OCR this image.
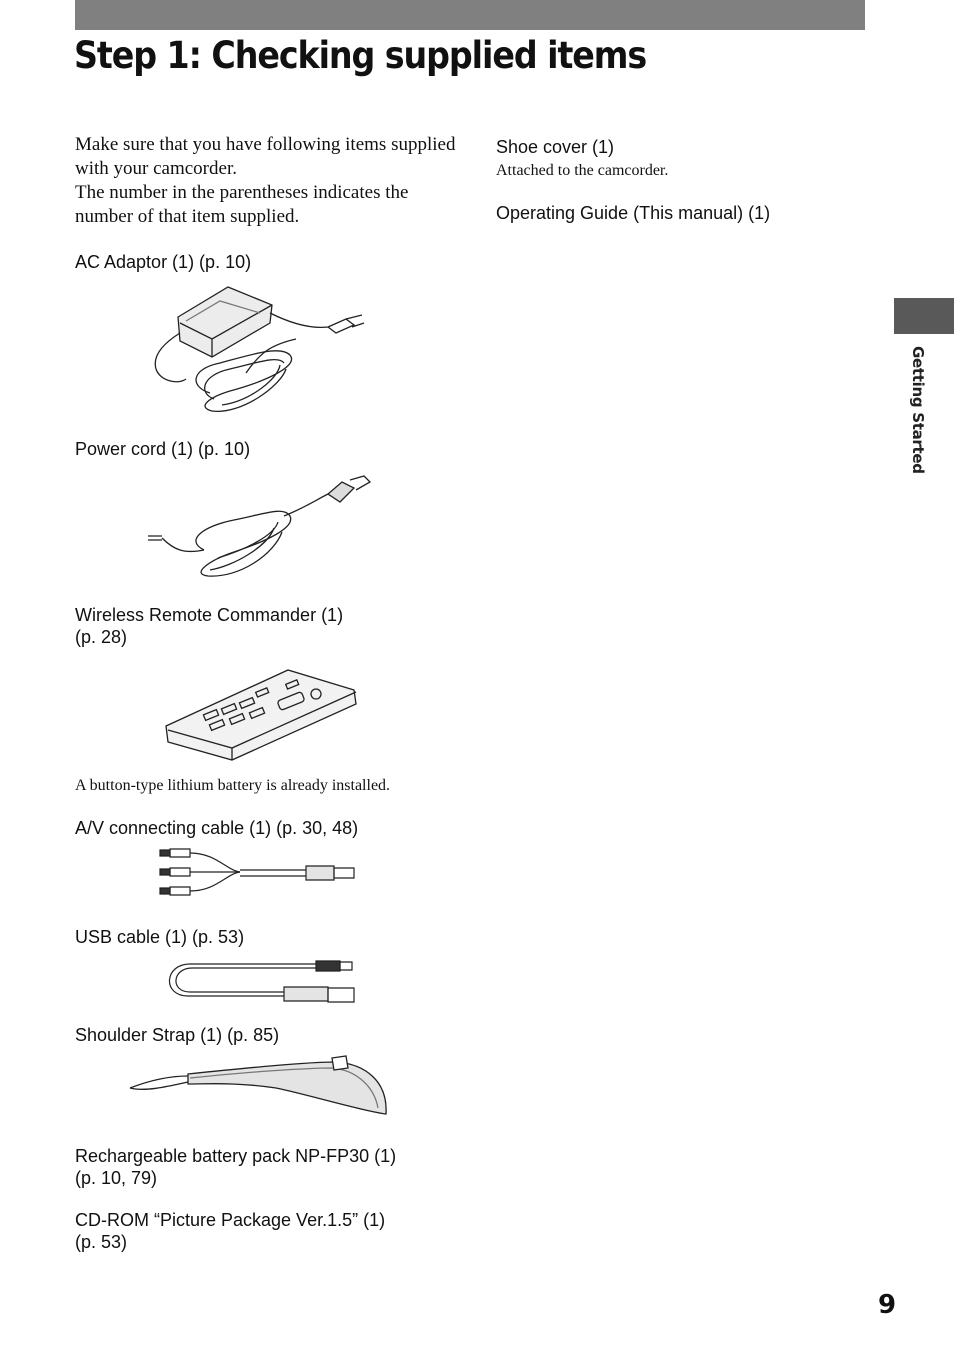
Step 1: Checking supplied items

Make sure that you have following items supplied with your camcorder.

The number in the parentheses indicates the number of that item supplied.

AC Adaptor (1) (p. 10)
Power cord (1) (p. 10)
Wireless Remote Commander (1)
(p. 28)
A button-type lithium battery is already installed.
A/V connecting cable (1) (p. 30, 48)
USB cable (1) (p. 53)
Shoulder Strap (1) (p. 85)
Rechargeable battery pack NP-FP30 (1)
(p. 10, 79)
CD-ROM “Picture Package Ver.1.5” (1)
(p. 53)
Shoe cover (1)
Attached to the camcorder.
Operating Guide (This manual) (1)
Getting Started
9
